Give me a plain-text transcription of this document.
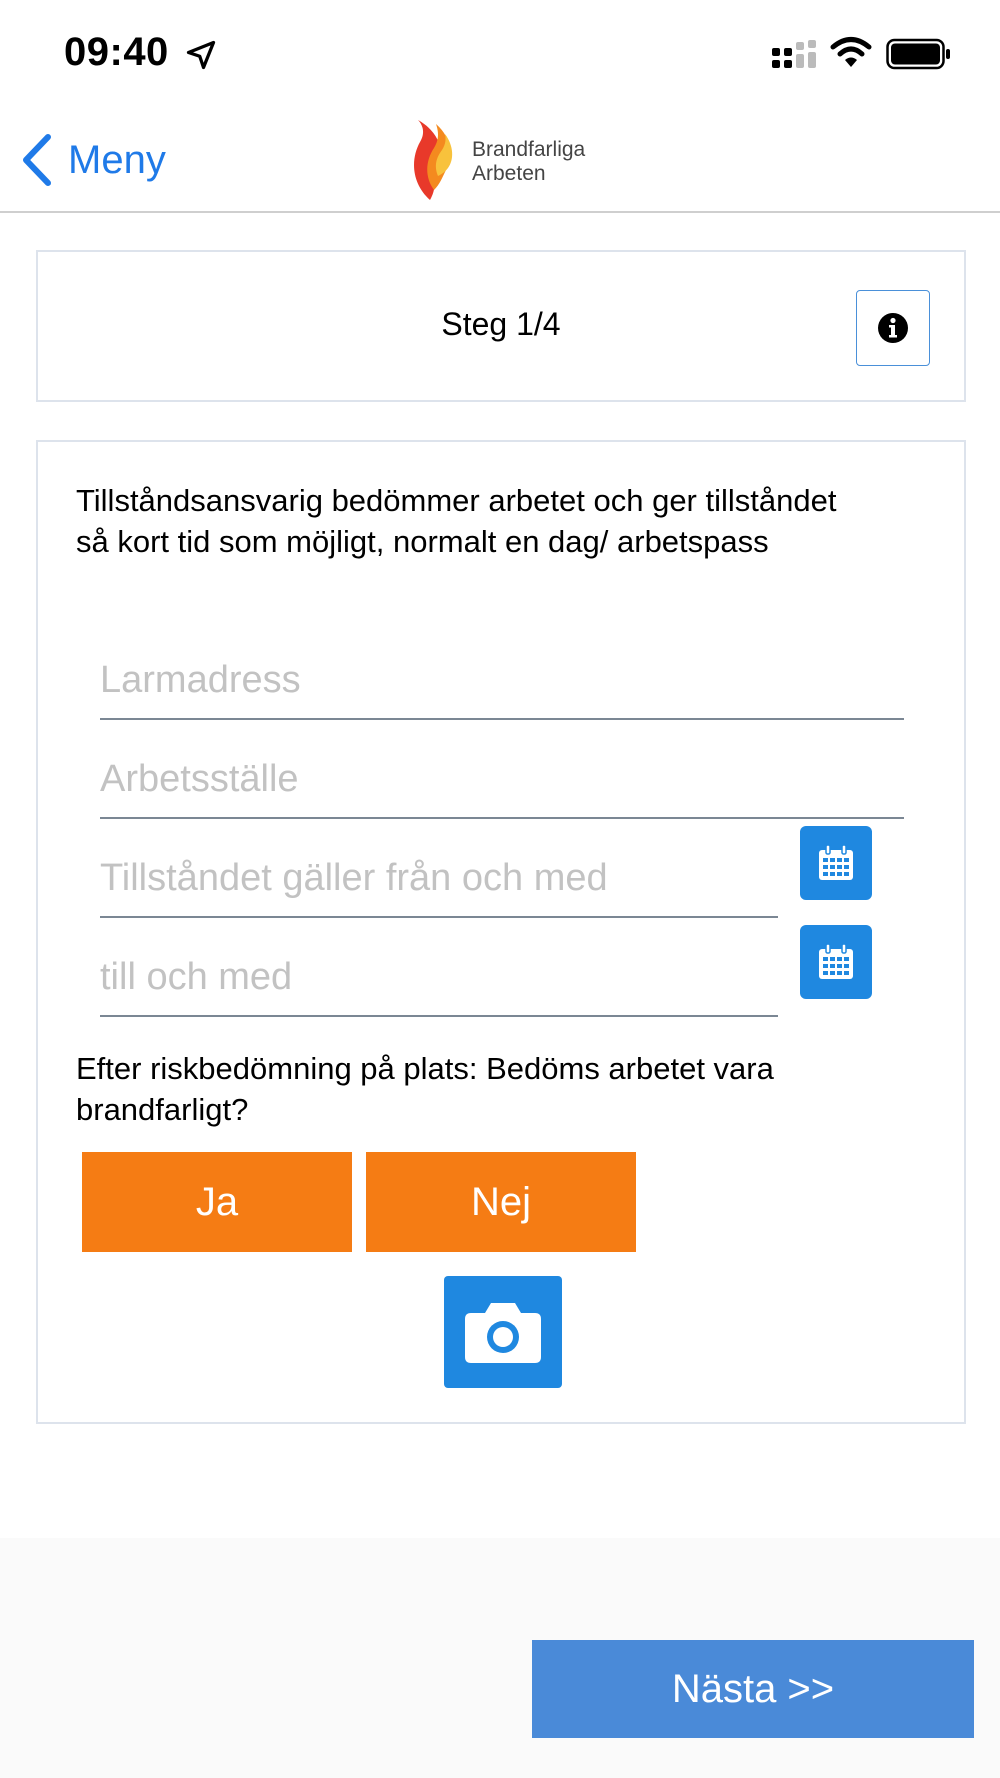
09:40
Meny	Brandfarliga
Arbeten
Steg 1/4
Tillståndsansvarig bedömmer arbetet och ger tillståndet så kort tid som möjligt, normalt en dag/ arbetspass
Larmadress
Arbetsställe
Tillståndet gäller från och med
till och med
Efter riskbedömning på plats: Bedöms arbetet vara brandfarligt?
Ja	Nej
Nästa >>
